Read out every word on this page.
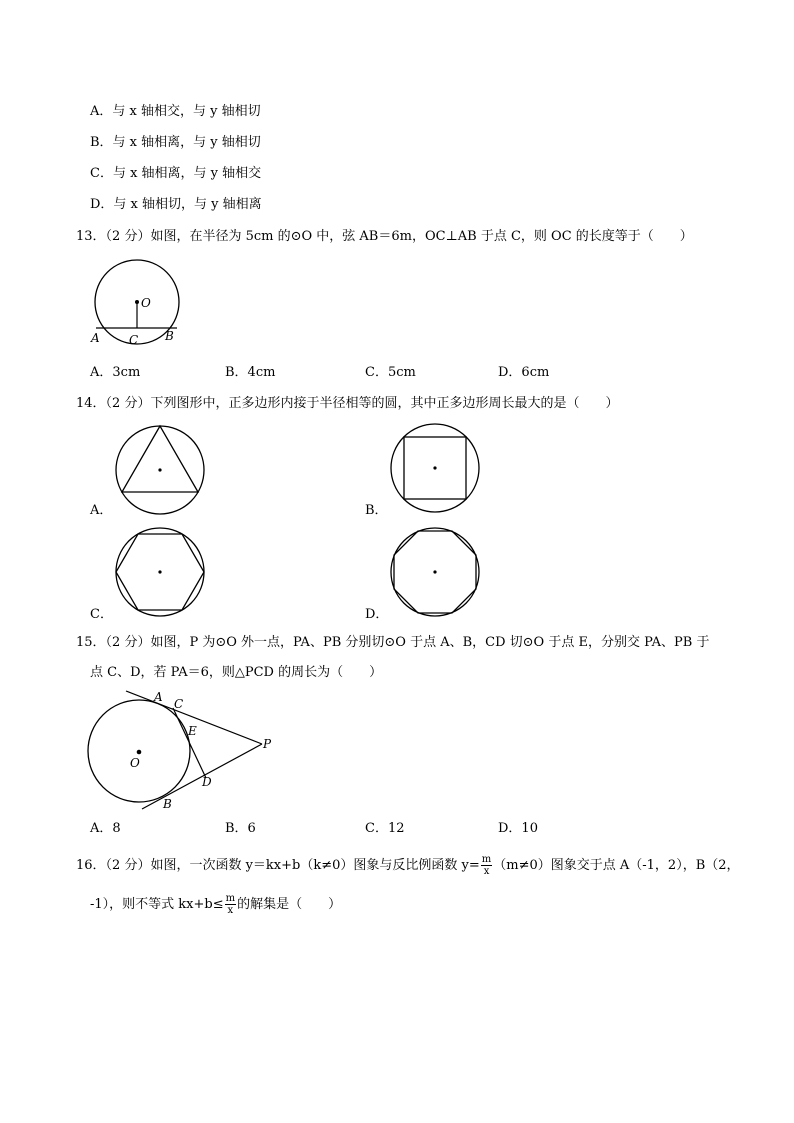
A．与 x 轴相交，与 y 轴相切
B．与 x 轴相离，与 y 轴相切
C．与 x 轴相离，与 y 轴相交
D．与 x 轴相切，与 y 轴相离
13．（2 分）如图，在半径为 5cm 的⊙O 中，弦 AB＝6m，OC⊥AB 于点 C，则 OC 的长度等于（　　）
O
A C B
A．3cm	B．4cm	C．5cm	D．6cm
14．（2 分）下列图形中，正多边形内接于半径相等的圆，其中正多边形周长最大的是（　　）
A．	B．
C．	D．
15．（2 分）如图，P 为⊙O 外一点，PA、PB 分别切⊙O 于点 A、B，CD 切⊙O 于点 E，分别交 PA、PB 于
点 C、D，若 PA＝6，则△PCD 的周长为（　　）
A C
E
P
O
D
B
A．8	B．6	C．12	D．10
16．（2 分）如图，一次函数 y＝kx+b（k≠0）图象与反比例函数 $y= \frac{m}{x} (m\ne 0)$图象交于点 A（-1，2），B（2，
-1），则不等式 $kx+b\le \frac{m}{x}$ 的解集是（　　）
